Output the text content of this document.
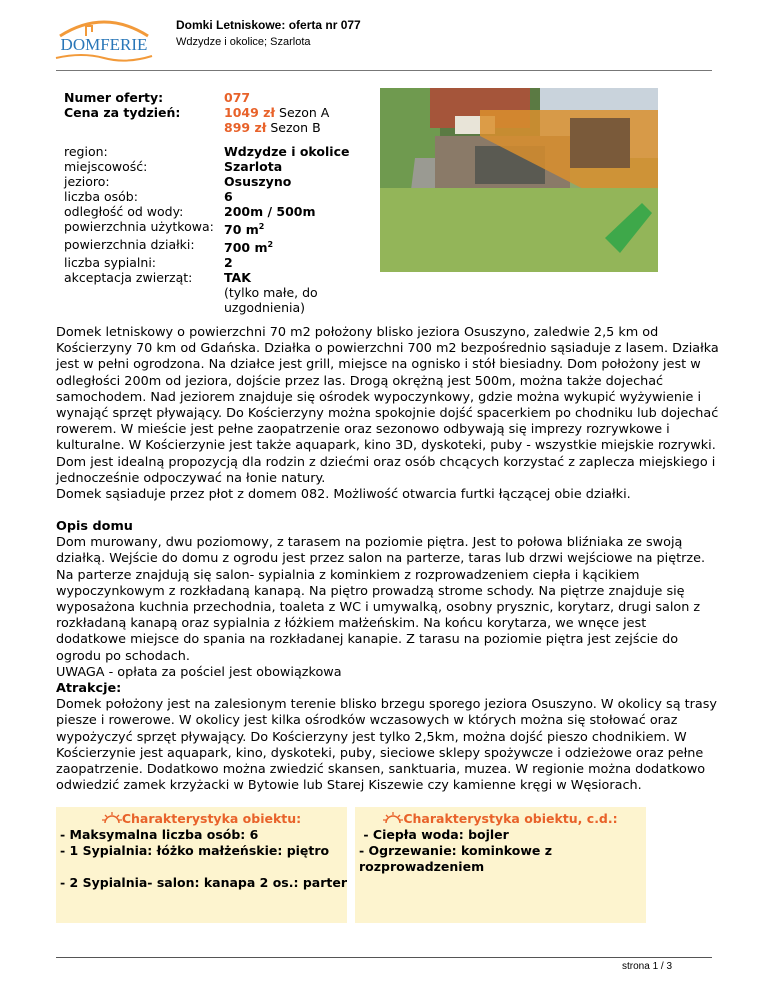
DOMFERIE
Domki Letniskowe: oferta nr 077
Wdzydze i okolice; Szarlota
Numer oferty:	077
Cena za tydzień:	1049 zł Sezon A
899 zł Sezon B
region:	Wdzydze i okolice
miejscowość:	Szarlota
jezioro:	Osuszyno
liczba osób:	6
odległość od wody:	200m / 500m
powierzchnia użytkowa: 70 $m^2$
powierzchnia działki:	700 $m^2$
liczba sypialni:	2
akceptacja zwierząt:	TAK
(tylko małe, do uzgodnienia)
Domek letniskowy o powierzchni 70 m2 położony blisko jeziora Osuszyno, zaledwie 2,5 km od Kościerzyny 70 km od Gdańska. Działka o powierzchni 700 m2 bezpośrednio sąsiaduje z lasem. Działka jest w pełni ogrodzona. Na działce jest grill, miejsce na ognisko i stół biesiadny. Dom położony jest w odległości 200m od jeziora, dojście przez las. Drogą okrężną jest 500m, można także dojechać samochodem. Nad jeziorem znajduje się ośrodek wypoczynkowy, gdzie można wykupić wyżywienie i wynająć sprzęt pływający. Do Kościerzyny można spokojnie dojść spacerkiem po chodniku lub dojechać rowerem. W mieście jest pełne zaopatrzenie oraz sezonowo odbywają się imprezy rozrywkowe i kulturalne. W Kościerzynie jest także aquapark, kino 3D, dyskoteki, puby - wszystkie miejskie rozrywki. Dom jest idealną propozycją dla rodzin z dziećmi oraz osób chcących korzystać z zaplecza miejskiego i jednocześnie odpoczywać na łonie natury.
Domek sąsiaduje przez płot z domem 082. Możliwość otwarcia furtki łączącej obie działki.

Opis domu

Dom murowany, dwu poziomowy, z tarasem na poziomie piętra. Jest to połowa bliźniaka ze swoją działką. Wejście do domu z ogrodu jest przez salon na parterze, taras lub drzwi wejściowe na piętrze. Na parterze znajdują się salon- sypialnia z kominkiem z rozprowadzeniem ciepła i kącikiem wypoczynkowym z rozkładaną kanapą. Na piętro prowadzą strome schody. Na piętrze znajduje się wyposażona kuchnia przechodnia, toaleta z WC i umywalką, osobny prysznic, korytarz, drugi salon z rozkładaną kanapą oraz sypialnia z łóżkiem małżeńskim. Na końcu korytarza, we wnęce jest dodatkowe miejsce do spania na rozkładanej kanapie. Z tarasu na poziomie piętra jest zejście do ogrodu po schodach.

UWAGA - opłata za pościel jest obowiązkowa

Atrakcje:

Domek położony jest na zalesionym terenie blisko brzegu sporego jeziora Osuszyno. W okolicy są trasy piesze i rowerowe. W okolicy jest kilka ośrodków wczasowych w których można się stołować oraz wypożyczyć sprzęt pływający. Do Kościerzyny jest tylko 2,5km, można dojść pieszo chodnikiem. W Kościerzynie jest aquapark, kino, dyskoteki, puby, sieciowe sklepy spożywcze i odzieżowe oraz pełne zaopatrzenie. Dodatkowo można zwiedzić skansen, sanktuaria, muzea. W regionie można dodatkowo odwiedzić zamek krzyżacki w Bytowie lub Starej Kiszewie czy kamienne kręgi w Węsiorach.

Charakterystyka obiektu:
- Maksymalna liczba osób: 6
- 1 Sypialnia: łóżko małżeńskie: piętro
- 2 Sypialnia- salon: kanapa 2 os.: parter
Charakterystyka obiektu, c.d.:
- Ciepła woda: bojler
- Ogrzewanie: kominkowe z rozprowadzeniem
strona 1 / 3
